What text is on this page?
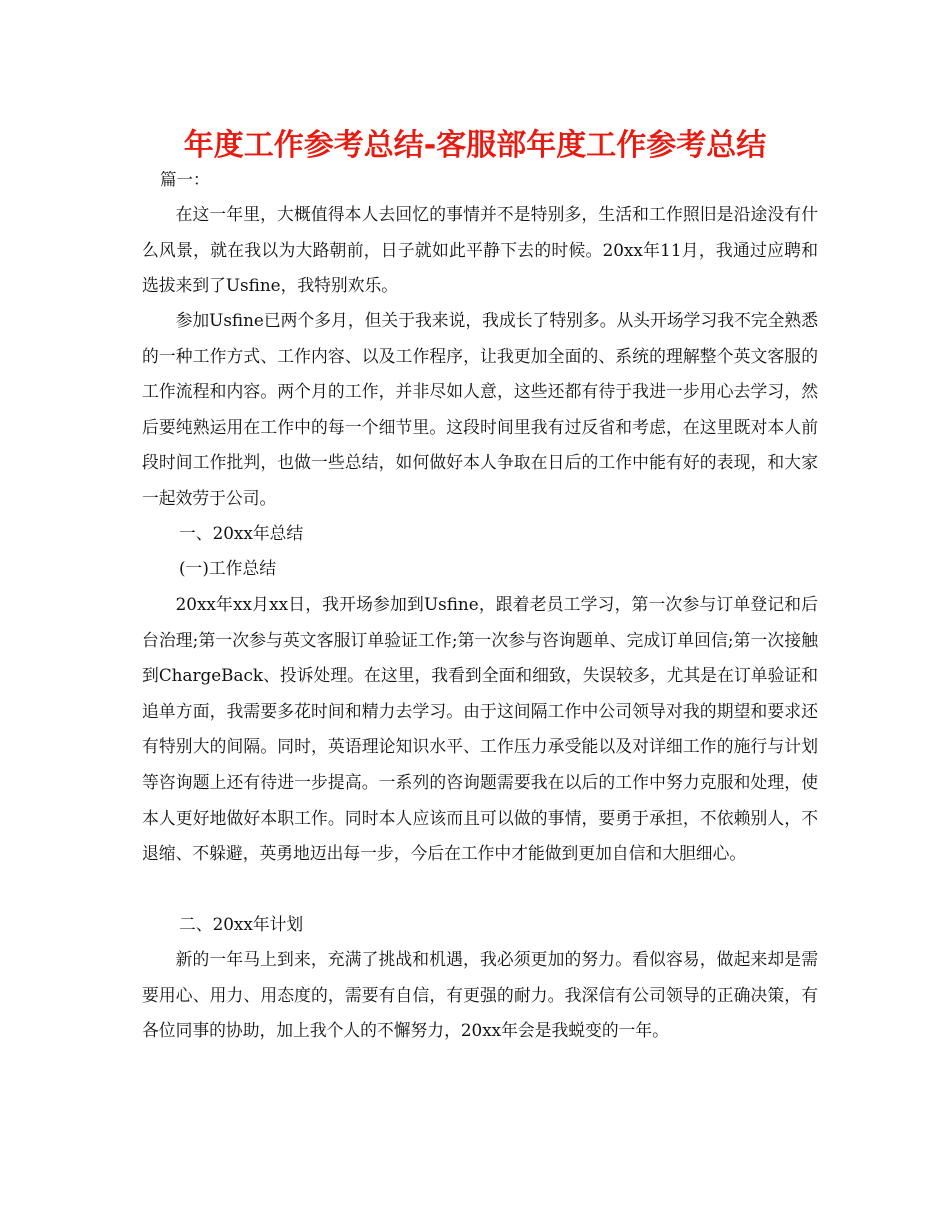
年度工作参考总结-客服部年度工作参考总结

篇一：

在这一年里，大概值得本人去回忆的事情并不是特别多，生活和工作照旧是沿途没有什么风景，就在我以为大路朝前，日子就如此平静下去的时候。20xx年11月，我通过应聘和选拔来到了Usfine，我特别欢乐。

参加Usfine已两个多月，但关于我来说，我成长了特别多。从头开场学习我不完全熟悉的一种工作方式、工作内容、以及工作程序，让我更加全面的、系统的理解整个英文客服的工作流程和内容。两个月的工作，并非尽如人意，这些还都有待于我进一步用心去学习，然后要纯熟运用在工作中的每一个细节里。这段时间里我有过反省和考虑，在这里既对本人前段时间工作批判，也做一些总结，如何做好本人争取在日后的工作中能有好的表现，和大家一起效劳于公司。

一、20xx年总结

(一)工作总结

20xx年xx月xx日，我开场参加到Usfine，跟着老员工学习，第一次参与订单登记和后台治理;第一次参与英文客服订单验证工作;第一次参与咨询题单、完成订单回信;第一次接触到ChargeBack、投诉处理。在这里，我看到全面和细致，失误较多，尤其是在订单验证和追单方面，我需要多花时间和精力去学习。由于这间隔工作中公司领导对我的期望和要求还有特别大的间隔。同时，英语理论知识水平、工作压力承受能以及对详细工作的施行与计划等咨询题上还有待进一步提高。一系列的咨询题需要我在以后的工作中努力克服和处理，使本人更好地做好本职工作。同时本人应该而且可以做的事情，要勇于承担，不依赖别人，不退缩、不躲避，英勇地迈出每一步，今后在工作中才能做到更加自信和大胆细心。

二、20xx年计划

新的一年马上到来，充满了挑战和机遇，我必须更加的努力。看似容易，做起来却是需要用心、用力、用态度的，需要有自信，有更强的耐力。我深信有公司领导的正确决策，有各位同事的协助，加上我个人的不懈努力，20xx年会是我蜕变的一年。
